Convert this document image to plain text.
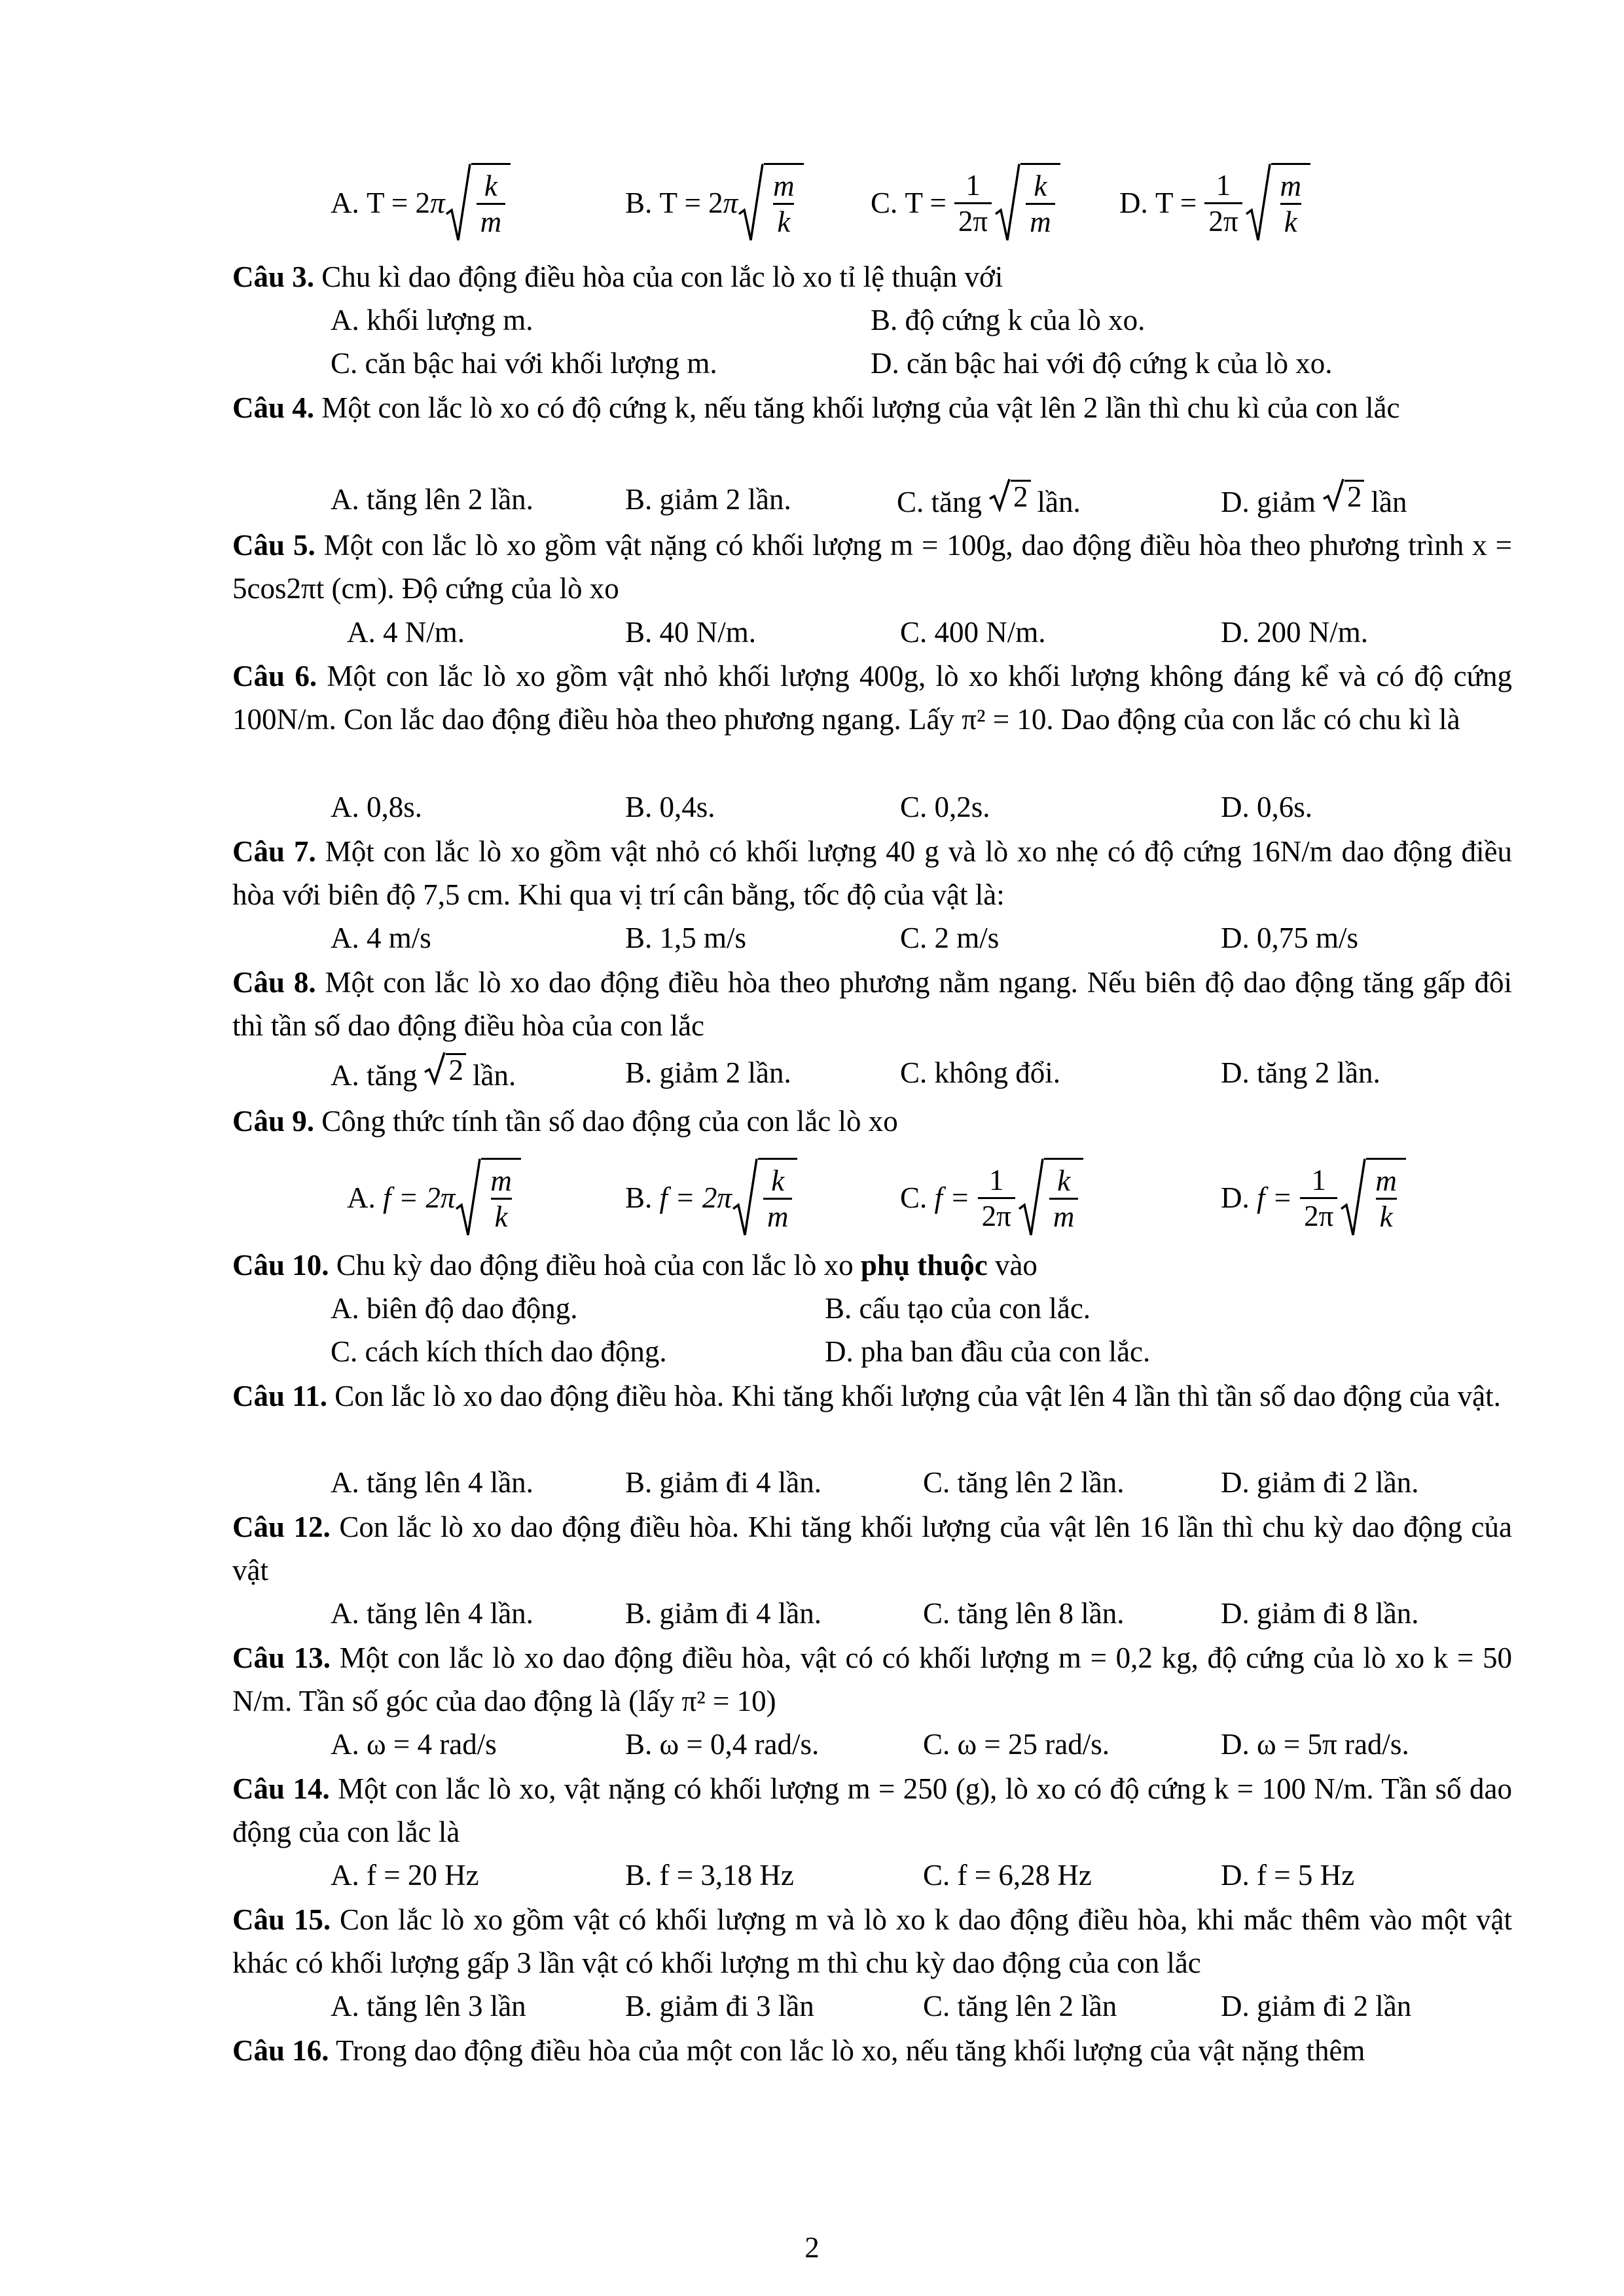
A. T = 2 π $\frac{k}{m}$	B. T = 2 π $\frac{m}{k} C$. $T = \frac{1}{2\pi} \frac{k}{m} D$. $T = \frac{1}{2\pi} \frac{m}{k}$

Câu 3. Chu kì dao động điều hòa của con lắc lò xo tỉ lệ thuận với

A. khối lượng m.	B. độ cứng k của lò xo.
C. căn bậc hai với khối lượng m.	D. căn bậc hai với độ cứng k của lò xo.

Câu 4. Một con lắc lò xo có độ cứng k, nếu tăng khối lượng của vật lên 2 lần thì chu kì của con lắc

A. tăng lên 2 lần.	B. giảm 2 lần.	C. tăng 2 lần.	D. giảm 2 lần

Câu 5. Một con lắc lò xo gồm vật nặng có khối lượng m = 100g, dao động điều hòa theo phương trình x = 5cos2πt (cm). Độ cứng của lò xo

A. 4 N/m.	B. 40 N/m.	C. 400 N/m.	D. 200 N/m.

Câu 6. Một con lắc lò xo gồm vật nhỏ khối lượng 400g, lò xo khối lượng không đáng kể và có độ cứng 100N/m. Con lắc dao động điều hòa theo phương ngang. Lấy π² = 10. Dao động của con lắc có chu kì là

A. 0,8s.	B. 0,4s.	C. 0,2s.	D. 0,6s.

Câu 7. Một con lắc lò xo gồm vật nhỏ có khối lượng 40 g và lò xo nhẹ có độ cứng 16N/m dao động điều hòa với biên độ 7,5 cm. Khi qua vị trí cân bằng, tốc độ của vật là:

A. 4 m/s	B. 1,5 m/s	C. 2 m/s	D. 0,75 m/s

Câu 8. Một con lắc lò xo dao động điều hòa theo phương nằm ngang. Nếu biên độ dao động tăng gấp đôi thì tần số dao động điều hòa của con lắc

A. tăng 2 lần.	B. giảm 2 lần.	C. không đổi.	D. tăng 2 lần.

Câu 9. Công thức tính tần số dao động của con lắc lò xo

A. f = 2 π $\frac{m}{k}$	B. f = 2 π $\frac{k}{m}$	C. $f = \frac{1}{2\pi} \frac{k}{m}$	D. $f = \frac{1}{2\pi} \frac{m}{k}$

Câu 10. Chu kỳ dao động điều hoà của con lắc lò xo phụ thuộc vào

A. biên độ dao động.	B. cấu tạo của con lắc.
C. cách kích thích dao động.	D. pha ban đầu của con lắc.

Câu 11. Con lắc lò xo dao động điều hòa. Khi tăng khối lượng của vật lên 4 lần thì tần số dao động của vật.

A. tăng lên 4 lần.	B. giảm đi 4 lần.	C. tăng lên 2 lần.	D. giảm đi 2 lần.

Câu 12. Con lắc lò xo dao động điều hòa. Khi tăng khối lượng của vật lên 16 lần thì chu kỳ dao động của vật

A. tăng lên 4 lần.	B. giảm đi 4 lần.	C. tăng lên 8 lần.	D. giảm đi 8 lần.

Câu 13. Một con lắc lò xo dao động điều hòa, vật có có khối lượng m = 0,2 kg, độ cứng của lò xo k = 50 N/m. Tần số góc của dao động là (lấy π² = 10)

A. ω = 4 rad/s	B. ω = 0,4 rad/s.	C. ω = 25 rad/s.	D. ω = 5π rad/s.

Câu 14. Một con lắc lò xo, vật nặng có khối lượng m = 250 (g), lò xo có độ cứng k = 100 N/m. Tần số dao động của con lắc là

A. f = 20 Hz	B. f = 3,18 Hz	C. f = 6,28 Hz	D. f = 5 Hz

Câu 15. Con lắc lò xo gồm vật có khối lượng m và lò xo k dao động điều hòa, khi mắc thêm vào một vật khác có khối lượng gấp 3 lần vật có khối lượng m thì chu kỳ dao động của con lắc

A. tăng lên 3 lần	B. giảm đi 3 lần	C. tăng lên 2 lần	D. giảm đi 2 lần

Câu 16. Trong dao động điều hòa của một con lắc lò xo, nếu tăng khối lượng của vật nặng thêm

2
